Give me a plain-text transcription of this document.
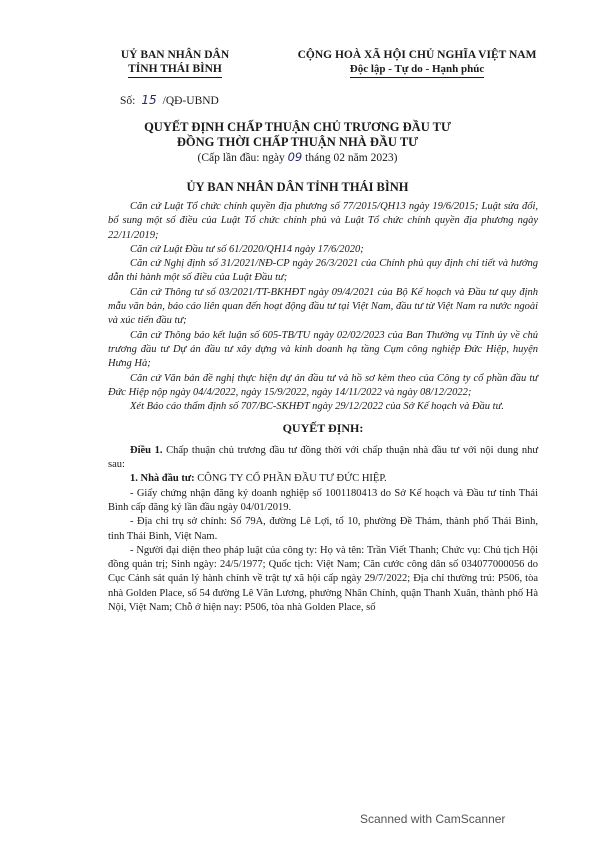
UỶ BAN NHÂN DÂN
TỈNH THÁI BÌNH
CỘNG HOÀ XÃ HỘI CHỦ NGHĨA VIỆT NAM
Độc lập - Tự do - Hạnh phúc
Số: 15 /QĐ-UBND
QUYẾT ĐỊNH CHẤP THUẬN CHỦ TRƯƠNG ĐẦU TƯ
ĐỒNG THỜI CHẤP THUẬN NHÀ ĐẦU TƯ
(Cấp lần đầu: ngày 09 tháng 02 năm 2023)
ỦY BAN NHÂN DÂN TỈNH THÁI BÌNH

Căn cứ Luật Tổ chức chính quyền địa phương số 77/2015/QH13 ngày 19/6/2015; Luật sửa đổi, bổ sung một số điều của Luật Tổ chức chính phủ và Luật Tổ chức chính quyền địa phương ngày 22/11/2019;

Căn cứ Luật Đầu tư số 61/2020/QH14 ngày 17/6/2020;

Căn cứ Nghị định số 31/2021/NĐ-CP ngày 26/3/2021 của Chính phủ quy định chi tiết và hướng dẫn thi hành một số điều của Luật Đầu tư;

Căn cứ Thông tư số 03/2021/TT-BKHĐT ngày 09/4/2021 của Bộ Kế hoạch và Đầu tư quy định mẫu văn bản, báo cáo liên quan đến hoạt động đầu tư tại Việt Nam, đầu tư từ Việt Nam ra nước ngoài và xúc tiến đầu tư;

Căn cứ Thông báo kết luận số 605-TB/TU ngày 02/02/2023 của Ban Thường vụ Tỉnh ủy về chủ trương đầu tư Dự án đầu tư xây dựng và kinh doanh hạ tầng Cụm công nghiệp Đức Hiệp, huyện Hưng Hà;

Căn cứ Văn bản đề nghị thực hiện dự án đầu tư và hồ sơ kèm theo của Công ty cổ phần đầu tư Đức Hiệp nộp ngày 04/4/2022, ngày 15/9/2022, ngày 14/11/2022 và ngày 08/12/2022;

Xét Báo cáo thẩm định số 707/BC-SKHĐT ngày 29/12/2022 của Sở Kế hoạch và Đầu tư.

QUYẾT ĐỊNH:

Điều 1. Chấp thuận chủ trương đầu tư đồng thời với chấp thuận nhà đầu tư với nội dung như sau:

1. Nhà đầu tư: CÔNG TY CỔ PHẦN ĐẦU TƯ ĐỨC HIỆP.

- Giấy chứng nhận đăng ký doanh nghiệp số 1001180413 do Sở Kế hoạch và Đầu tư tỉnh Thái Bình cấp đăng ký lần đầu ngày 04/01/2019.

- Địa chỉ trụ sở chính: Số 79A, đường Lê Lợi, tổ 10, phường Đề Thám, thành phố Thái Bình, tỉnh Thái Bình, Việt Nam.

- Người đại diện theo pháp luật của công ty: Họ và tên: Trần Viết Thanh; Chức vụ: Chủ tịch Hội đồng quản trị; Sinh ngày: 24/5/1977; Quốc tịch: Việt Nam; Căn cước công dân số 034077000056 do Cục Cảnh sát quản lý hành chính về trật tự xã hội cấp ngày 29/7/2022; Địa chỉ thường trú: P506, tòa nhà Golden Place, số 54 đường Lê Văn Lương, phường Nhân Chính, quận Thanh Xuân, thành phố Hà Nội, Việt Nam; Chỗ ở hiện nay: P506, tòa nhà Golden Place, số

Scanned with CamScanner
